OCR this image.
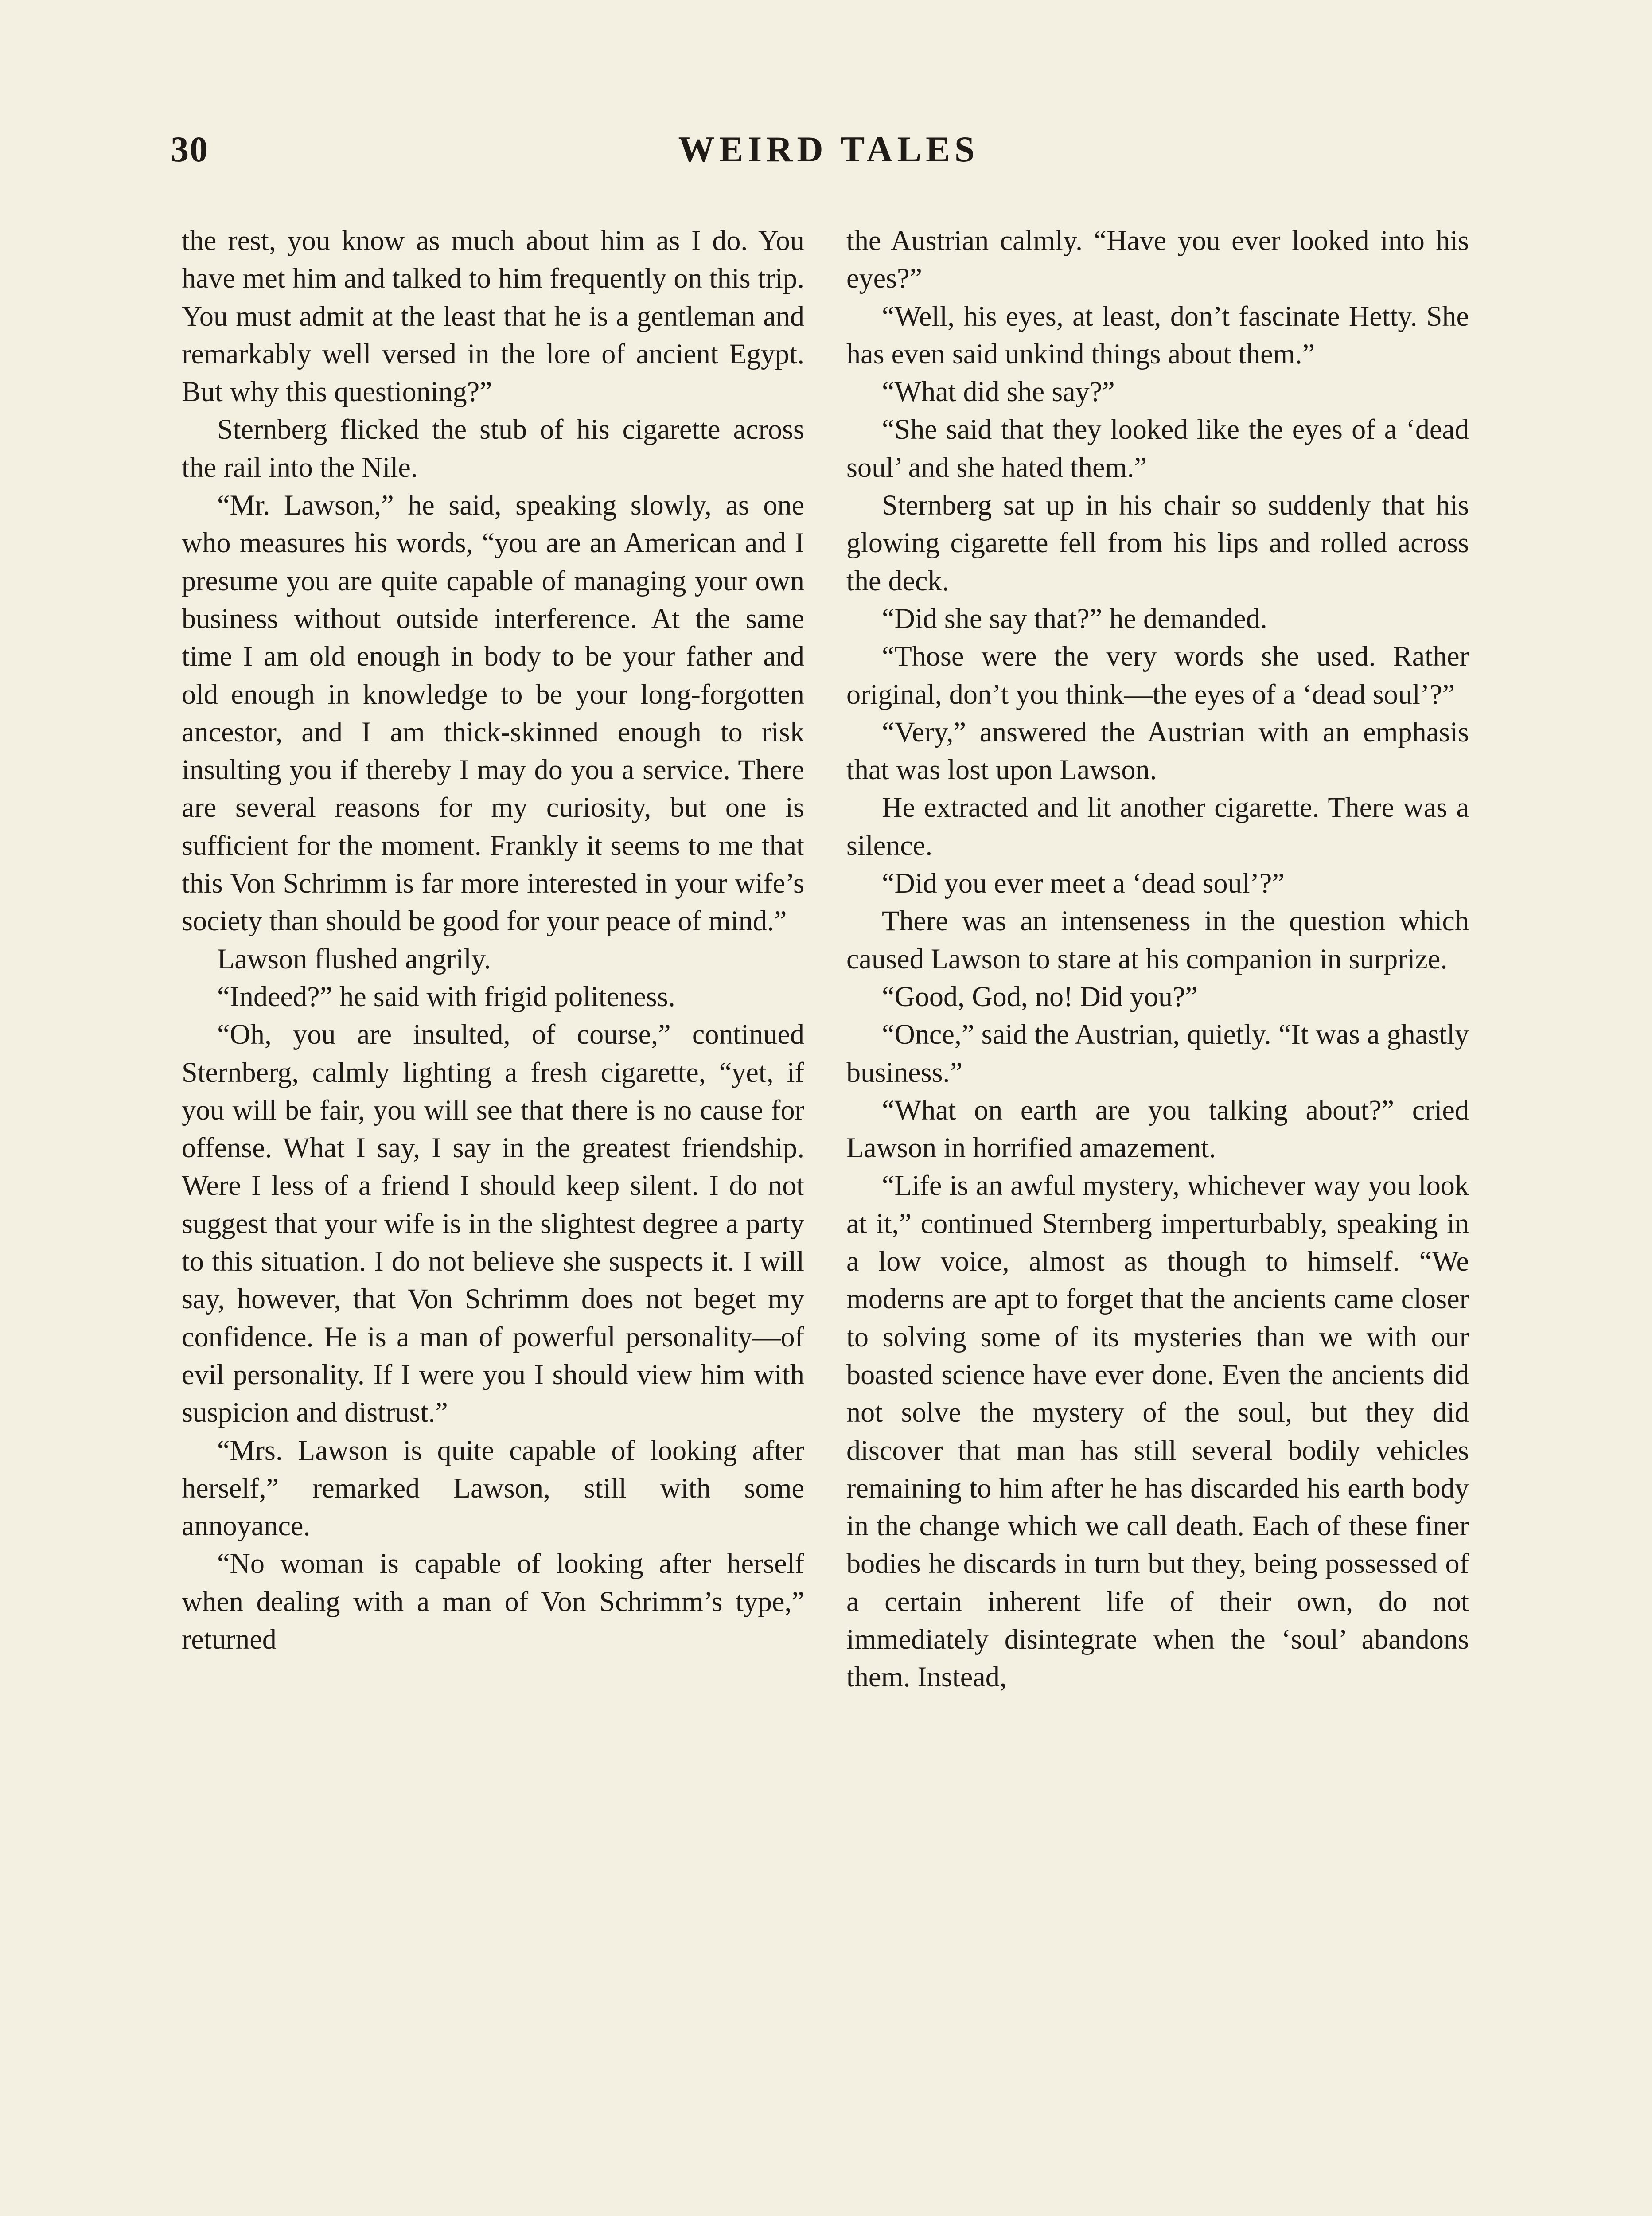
30	WEIRD TALES

the rest, you know as much about him as I do. You have met him and talked to him frequently on this trip. You must admit at the least that he is a gentleman and remarkably well versed in the lore of ancient Egypt. But why this questioning?”

Sternberg flicked the stub of his cigarette across the rail into the Nile.

“Mr. Lawson,” he said, speaking slowly, as one who measures his words, “you are an American and I presume you are quite capable of managing your own business without outside interference. At the same time I am old enough in body to be your father and old enough in knowledge to be your long-forgotten ancestor, and I am thick-skinned enough to risk insulting you if thereby I may do you a service. There are several reasons for my curiosity, but one is sufficient for the moment. Frankly it seems to me that this Von Schrimm is far more interested in your wife’s society than should be good for your peace of mind.”

Lawson flushed angrily.

“Indeed?” he said with frigid politeness.

“Oh, you are insulted, of course,” continued Sternberg, calmly lighting a fresh cigarette, “yet, if you will be fair, you will see that there is no cause for offense. What I say, I say in the greatest friendship. Were I less of a friend I should keep silent. I do not suggest that your wife is in the slightest degree a party to this situation. I do not believe she suspects it. I will say, however, that Von Schrimm does not beget my confidence. He is a man of powerful personality—of evil personality. If I were you I should view him with suspicion and distrust.”

“Mrs. Lawson is quite capable of looking after herself,” remarked Lawson, still with some annoyance.

“No woman is capable of looking after herself when dealing with a man of Von Schrimm’s type,” returned

the Austrian calmly. “Have you ever looked into his eyes?”

“Well, his eyes, at least, don’t fascinate Hetty. She has even said unkind things about them.”

“What did she say?”

“She said that they looked like the eyes of a ‘dead soul’ and she hated them.”

Sternberg sat up in his chair so suddenly that his glowing cigarette fell from his lips and rolled across the deck.

“Did she say that?” he demanded.

“Those were the very words she used. Rather original, don’t you think—the eyes of a ‘dead soul’?”

“Very,” answered the Austrian with an emphasis that was lost upon Lawson.

He extracted and lit another cigarette. There was a silence.

“Did you ever meet a ‘dead soul’?”

There was an intenseness in the question which caused Lawson to stare at his companion in surprize.

“Good, God, no! Did you?”

“Once,” said the Austrian, quietly. “It was a ghastly business.”

“What on earth are you talking about?” cried Lawson in horrified amazement.

“Life is an awful mystery, whichever way you look at it,” continued Sternberg imperturbably, speaking in a low voice, almost as though to himself. “We moderns are apt to forget that the ancients came closer to solving some of its mysteries than we with our boasted science have ever done. Even the ancients did not solve the mystery of the soul, but they did discover that man has still several bodily vehicles remaining to him after he has discarded his earth body in the change which we call death. Each of these finer bodies he discards in turn but they, being possessed of a certain inherent life of their own, do not immediately disintegrate when the ‘soul’ abandons them. Instead,
